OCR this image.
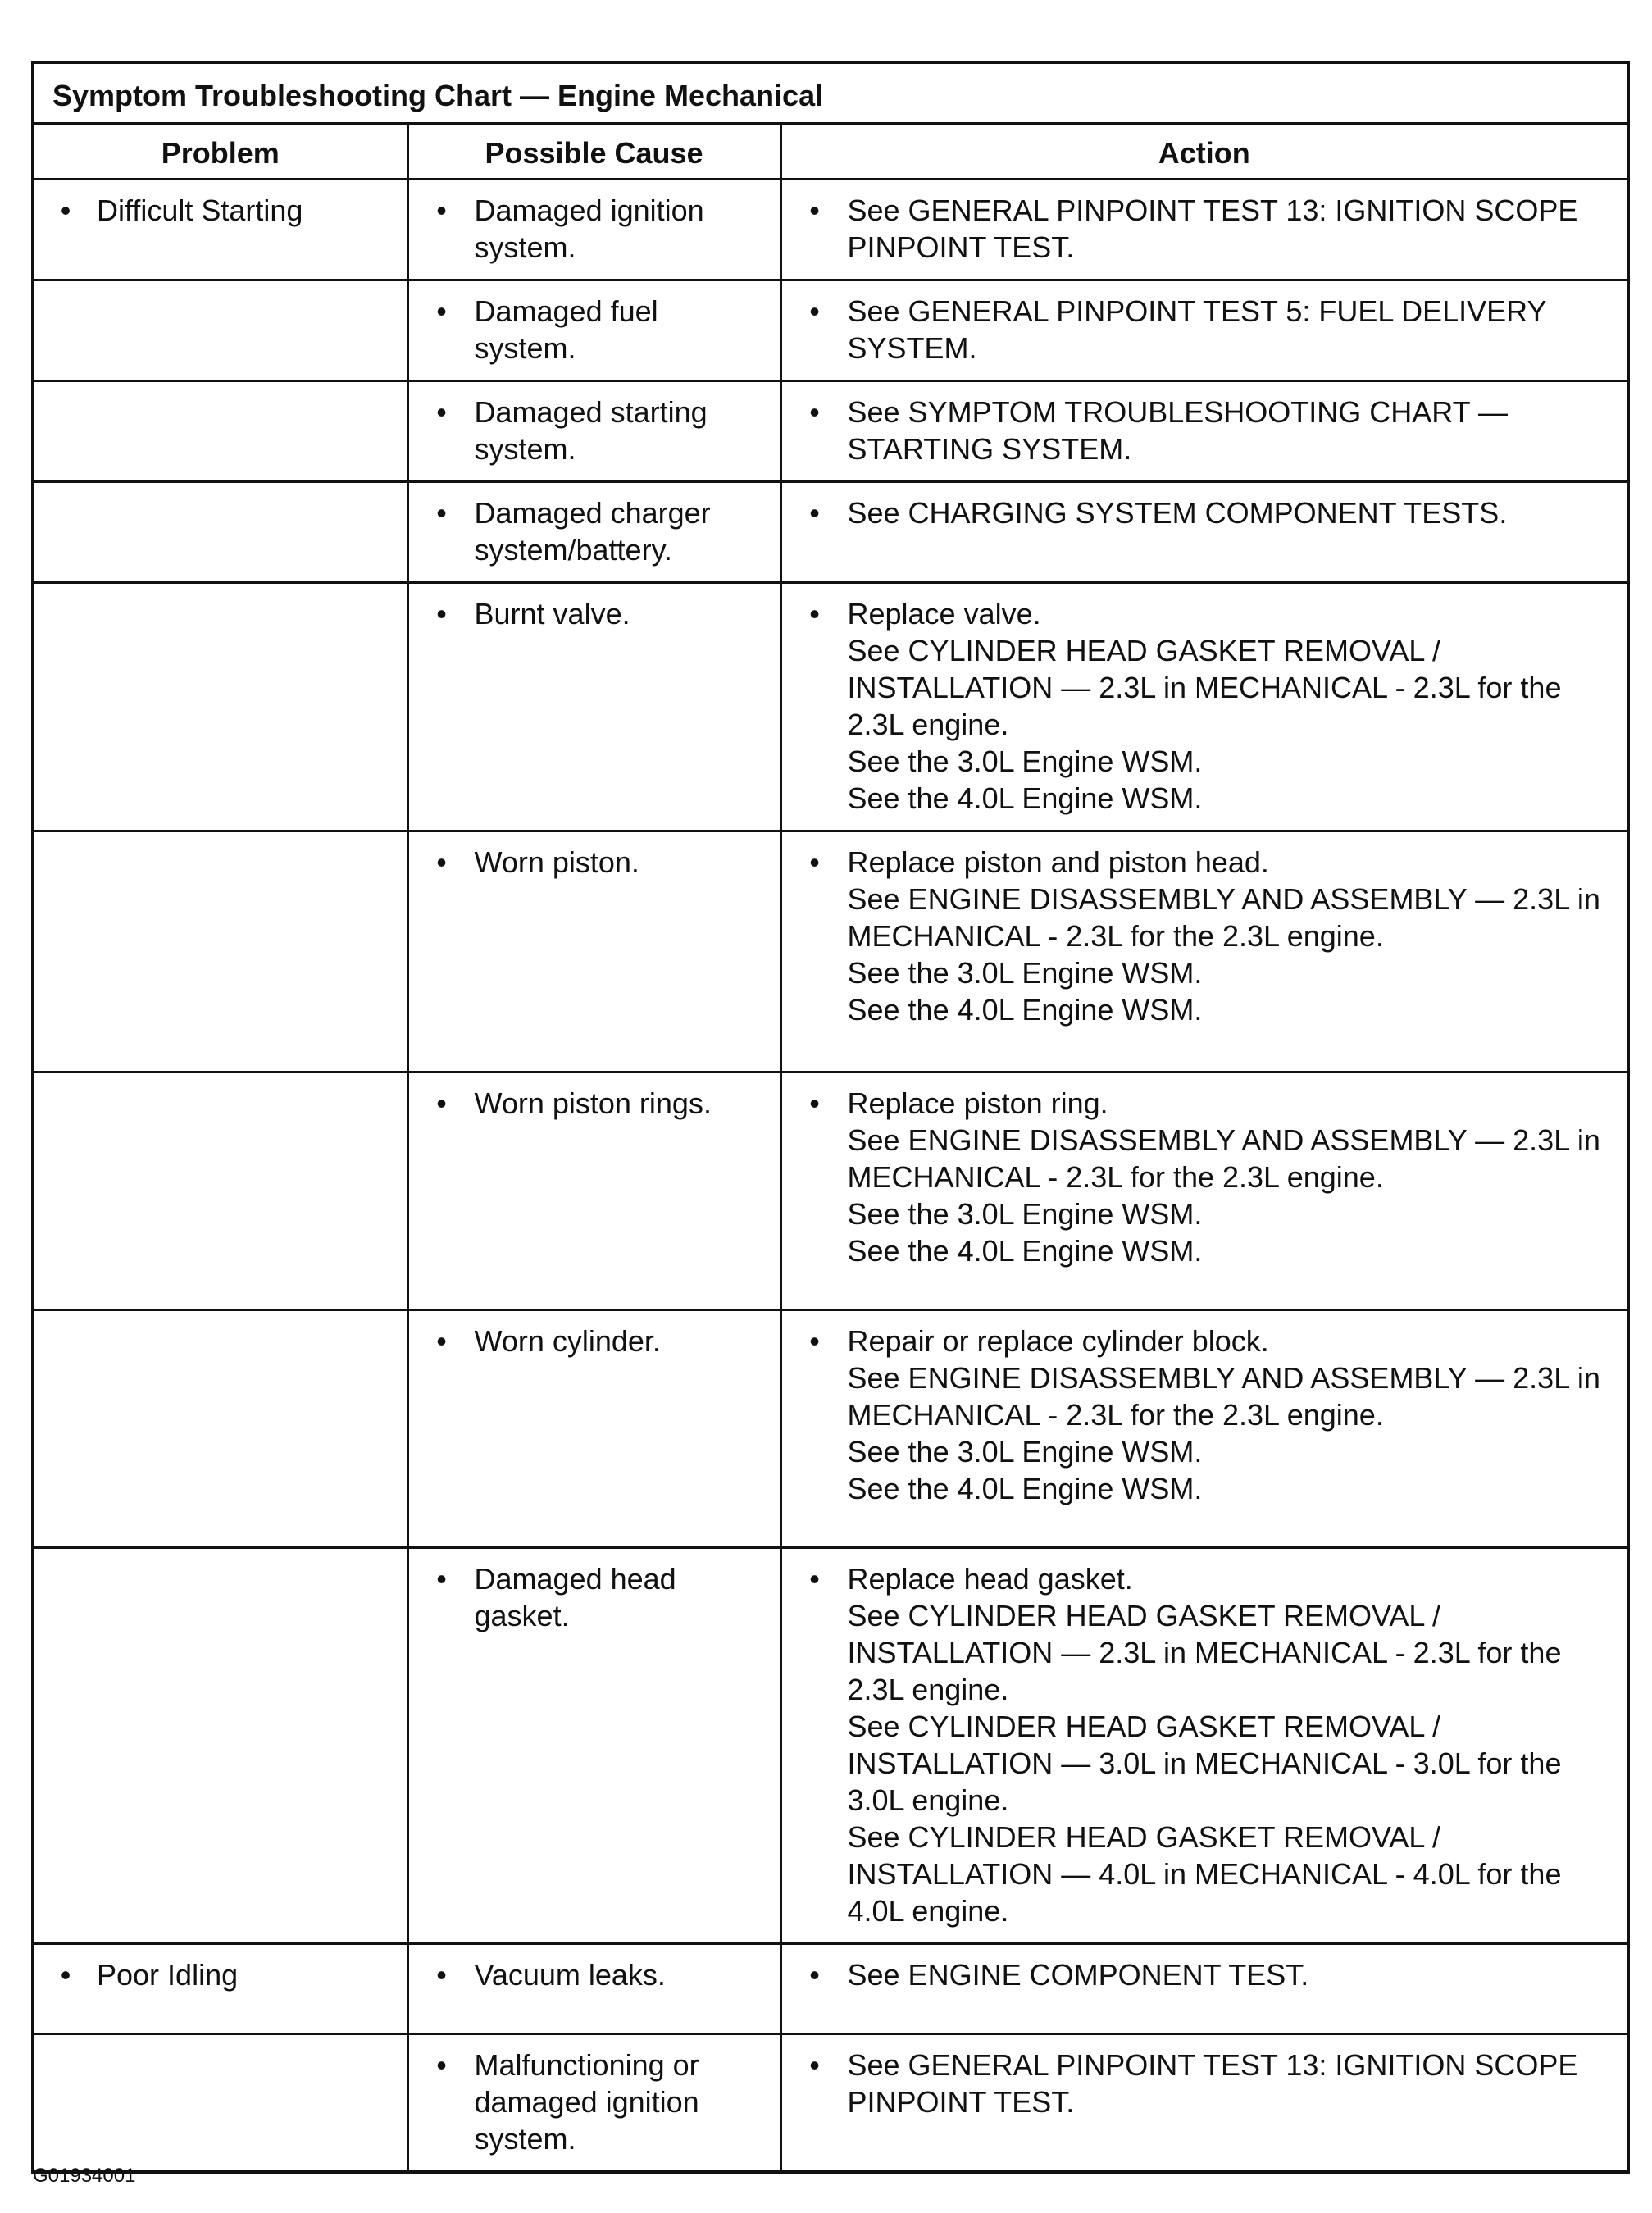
Symptom Troubleshooting Chart — Engine Mechanical		
Problem	Possible Cause	Action

• Difficult Starting	• Damaged ignition system.	• See GENERAL PINPOINT TEST 13: IGNITION SCOPE PINPOINT TEST.

	• Damaged fuel system.	• See GENERAL PINPOINT TEST 5: FUEL DELIVERY SYSTEM.

	• Damaged starting system.	• See SYMPTOM TROUBLESHOOTING CHART — STARTING SYSTEM.

	• Damaged charger system/battery.	• See CHARGING SYSTEM COMPONENT TESTS.

	• Burnt valve.	• Replace valve.
See CYLINDER HEAD GASKET REMOVAL / INSTALLATION — 2.3L in MECHANICAL - 2.3L for the 2.3L engine.
See the 3.0L Engine WSM.
See the 4.0L Engine WSM.

	• Worn piston.	• Replace piston and piston head.
See ENGINE DISASSEMBLY AND ASSEMBLY — 2.3L in MECHANICAL - 2.3L for the 2.3L engine.
See the 3.0L Engine WSM.
See the 4.0L Engine WSM.

	• Worn piston rings.	• Replace piston ring.
See ENGINE DISASSEMBLY AND ASSEMBLY — 2.3L in MECHANICAL - 2.3L for the 2.3L engine.
See the 3.0L Engine WSM.
See the 4.0L Engine WSM.

	• Worn cylinder.	• Repair or replace cylinder block.
See ENGINE DISASSEMBLY AND ASSEMBLY — 2.3L in MECHANICAL - 2.3L for the 2.3L engine.
See the 3.0L Engine WSM.
See the 4.0L Engine WSM.

	• Damaged head gasket.	• Replace head gasket.
See CYLINDER HEAD GASKET REMOVAL / INSTALLATION — 2.3L in MECHANICAL - 2.3L for the 2.3L engine.
See CYLINDER HEAD GASKET REMOVAL / INSTALLATION — 3.0L in MECHANICAL - 3.0L for the 3.0L engine.
See CYLINDER HEAD GASKET REMOVAL / INSTALLATION — 4.0L in MECHANICAL - 4.0L for the 4.0L engine.

• Poor Idling	• Vacuum leaks.	• See ENGINE COMPONENT TEST.

	• Malfunctioning or damaged ignition system.	• See GENERAL PINPOINT TEST 13: IGNITION SCOPE PINPOINT TEST.
G01934001
